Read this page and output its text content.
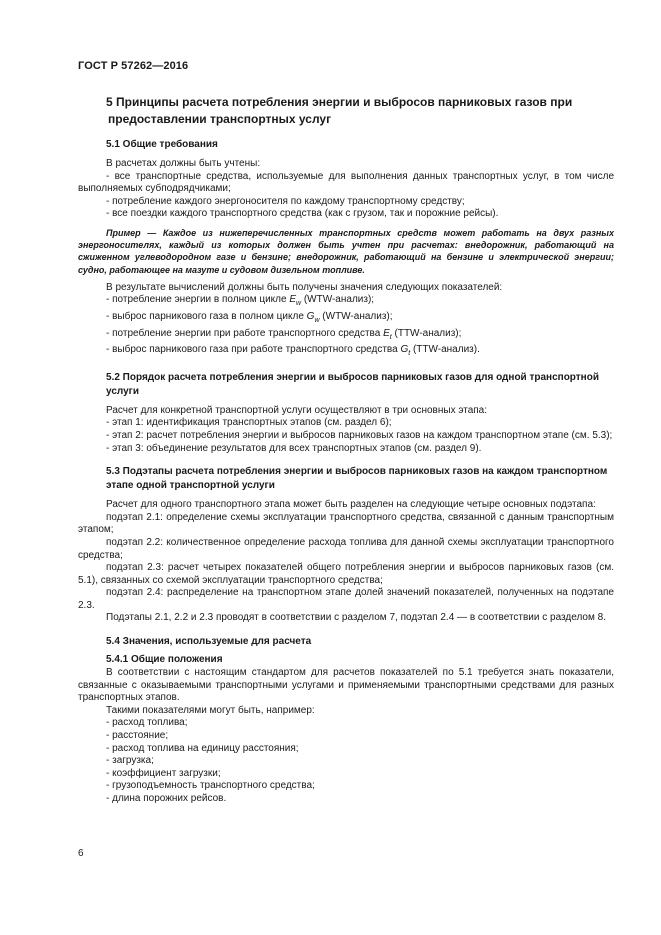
ГОСТ Р 57262—2016
5 Принципы расчета потребления энергии и выбросов парниковых газов при предоставлении транспортных услуг
5.1 Общие требования
В расчетах должны быть учтены:
- все транспортные средства, используемые для выполнения данных транспортных услуг, в том числе выполняемых субподрядчиками;
- потребление каждого энергоносителя по каждому транспортному средству;
- все поездки каждого транспортного средства (как с грузом, так и порожние рейсы).
Пример — Каждое из нижеперечисленных транспортных средств может работать на двух разных энергоносителях, каждый из которых должен быть учтен при расчетах: внедорожник, работающий на сжиженном углеводородном газе и бензине; внедорожник, работающий на бензине и электрической энергии; судно, работающее на мазуте и судовом дизельном топливе.
В результате вычислений должны быть получены значения следующих показателей:
- потребление энергии в полном цикле $E_w$ (WTW-анализ);
- выброс парникового газа в полном цикле $G_w$ (WTW-анализ);
- потребление энергии при работе транспортного средства $E_t$ (TTW-анализ);
- выброс парникового газа при работе транспортного средства $G_t$ (TTW-анализ).
5.2 Порядок расчета потребления энергии и выбросов парниковых газов для одной транспортной услуги
Расчет для конкретной транспортной услуги осуществляют в три основных этапа:
- этап 1: идентификация транспортных этапов (см. раздел 6);
- этап 2: расчет потребления энергии и выбросов парниковых газов на каждом транспортном этапе (см. 5.3);
- этап 3: объединение результатов для всех транспортных этапов (см. раздел 9).
5.3 Подэтапы расчета потребления энергии и выбросов парниковых газов на каждом транспортном этапе одной транспортной услуги
Расчет для одного транспортного этапа может быть разделен на следующие четыре основных подэтапа:
подэтап 2.1: определение схемы эксплуатации транспортного средства, связанной с данным транспортным этапом;
подэтап 2.2: количественное определение расхода топлива для данной схемы эксплуатации транспортного средства;
подэтап 2.3: расчет четырех показателей общего потребления энергии и выбросов парниковых газов (см. 5.1), связанных со схемой эксплуатации транспортного средства;
подэтап 2.4: распределение на транспортном этапе долей значений показателей, полученных на подэтапе 2.3.
Подэтапы 2.1, 2.2 и 2.3 проводят в соответствии с разделом 7, подэтап 2.4 — в соответствии с разделом 8.
5.4 Значения, используемые для расчета
5.4.1 Общие положения
В соответствии с настоящим стандартом для расчетов показателей по 5.1 требуется знать показатели, связанные с оказываемыми транспортными услугами и применяемыми транспортными средствами для разных транспортных этапов.
Такими показателями могут быть, например:
- расход топлива;
- расстояние;
- расход топлива на единицу расстояния;
- загрузка;
- коэффициент загрузки;
- грузоподъемность транспортного средства;
- длина порожних рейсов.
6
